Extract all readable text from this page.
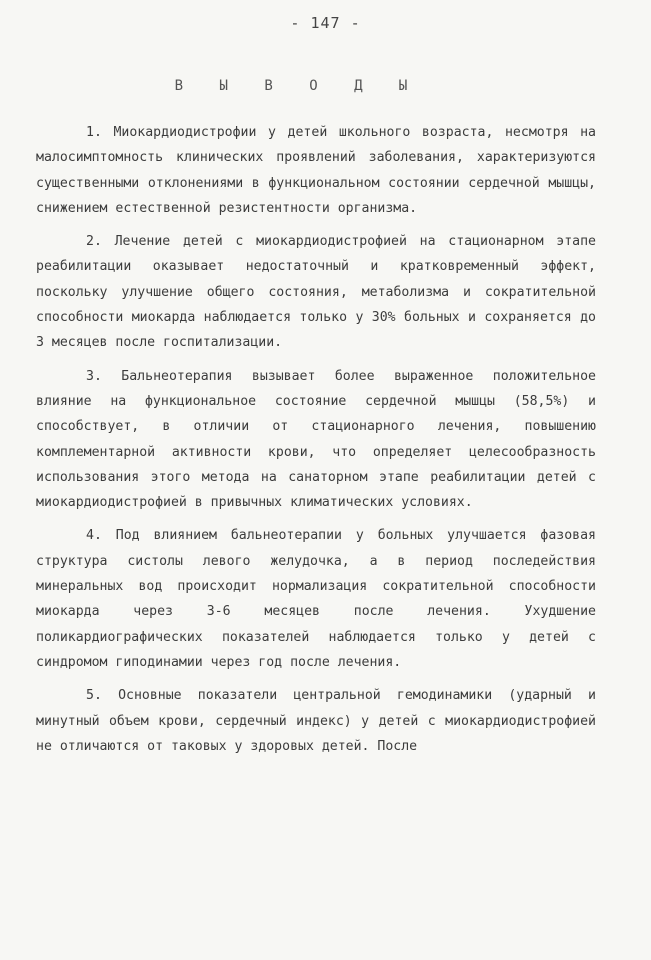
- 147 -
В Ы В О Д Ы

1. Миокардиодистрофии у детей школьного возраста, несмотря на малосимптомность клинических проявлений заболевания, характеризуются существенными отклонениями в функциональном состоянии сердечной мышцы, снижением естественной резистентности организма.

2. Лечение детей с миокардиодистрофией на стационарном этапе реабилитации оказывает недостаточный и кратковременный эффект, поскольку улучшение общего состояния, метаболизма и сократительной способности миокарда наблюдается только у 30% больных и сохраняется до 3 месяцев после госпитализации.

3. Бальнеотерапия вызывает более выраженное положительное влияние на функциональное состояние сердечной мышцы (58,5%) и способствует, в отличии от стационарного лечения, повышению комплементарной активности крови, что определяет целесообразность использования этого метода на санаторном этапе реабилитации детей с миокардиодистрофией в привычных климатических условиях.

4. Под влиянием бальнеотерапии у больных улучшается фазовая структура систолы левого желудочка, а в период последействия минеральных вод происходит нормализация сократительной способности миокарда через 3-6 месяцев после лечения. Ухудшение поликардиографических показателей наблюдается только у детей с синдромом гиподинамии через год после лечения.

5. Основные показатели центральной гемодинамики (ударный и минутный объем крови, сердечный индекс) у детей с миокардиодистрофией не отличаются от таковых у здоровых детей. После
